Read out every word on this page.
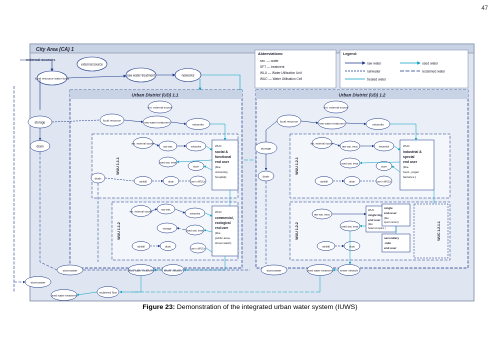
47
City Area (CA) 1
external sources
external source
local resource water body
raw water treatment	networks
Abbreviations:
sec. — water
SFT — treatment
WLU — Water Utilisation Unit
WUC — Water Utilisation Cell
Legend:
raw water	used water
rainwater	reclaimed water
treated water
Urban District (UD) 1.1
ext. external source
local resource	raw water treatment	networks
storage
drain
WUU 1.1.1
drain
ext. external source
raw wat.
used wat. treat.
networks
store
rainfall	drain	use in WUCs
WUC
social &
functional
end user
(like
university,
hospital)
WUU 1.1.2
ext. external source
raw wat.
networks
storage
used wat. treat.
rainfall	drain
use in WUCs
WUC
commercial,
ecological
end user
(like
public area,
street wash)
stormwater	used water treatment	sewer network
Urban District (UD) 1.2
ext. external source
local resource	raw water treatment	networks
storage
drain
WUU 1.2.1
ext. external source
raw wat. treat.
used wat. treat.
networks
store
rainfall	drain	use in WUCs
WUC
industrial &
special
end user
(like
food-, paper
factories )
WUU 1.2.2
raw wat. treat.
used wat. treat.
rainfall	drain
WUC
single big
end user
(like
hotel complex )
single
end-user
(like
sport center)
secondary
-side
end user
WUC 1.2.1.1
stormwater	used water treatment sewer network
stormwater
used water treatment
reclaimed flow
Figure 23: Demonstration of the integrated urban water system (IUWS)
